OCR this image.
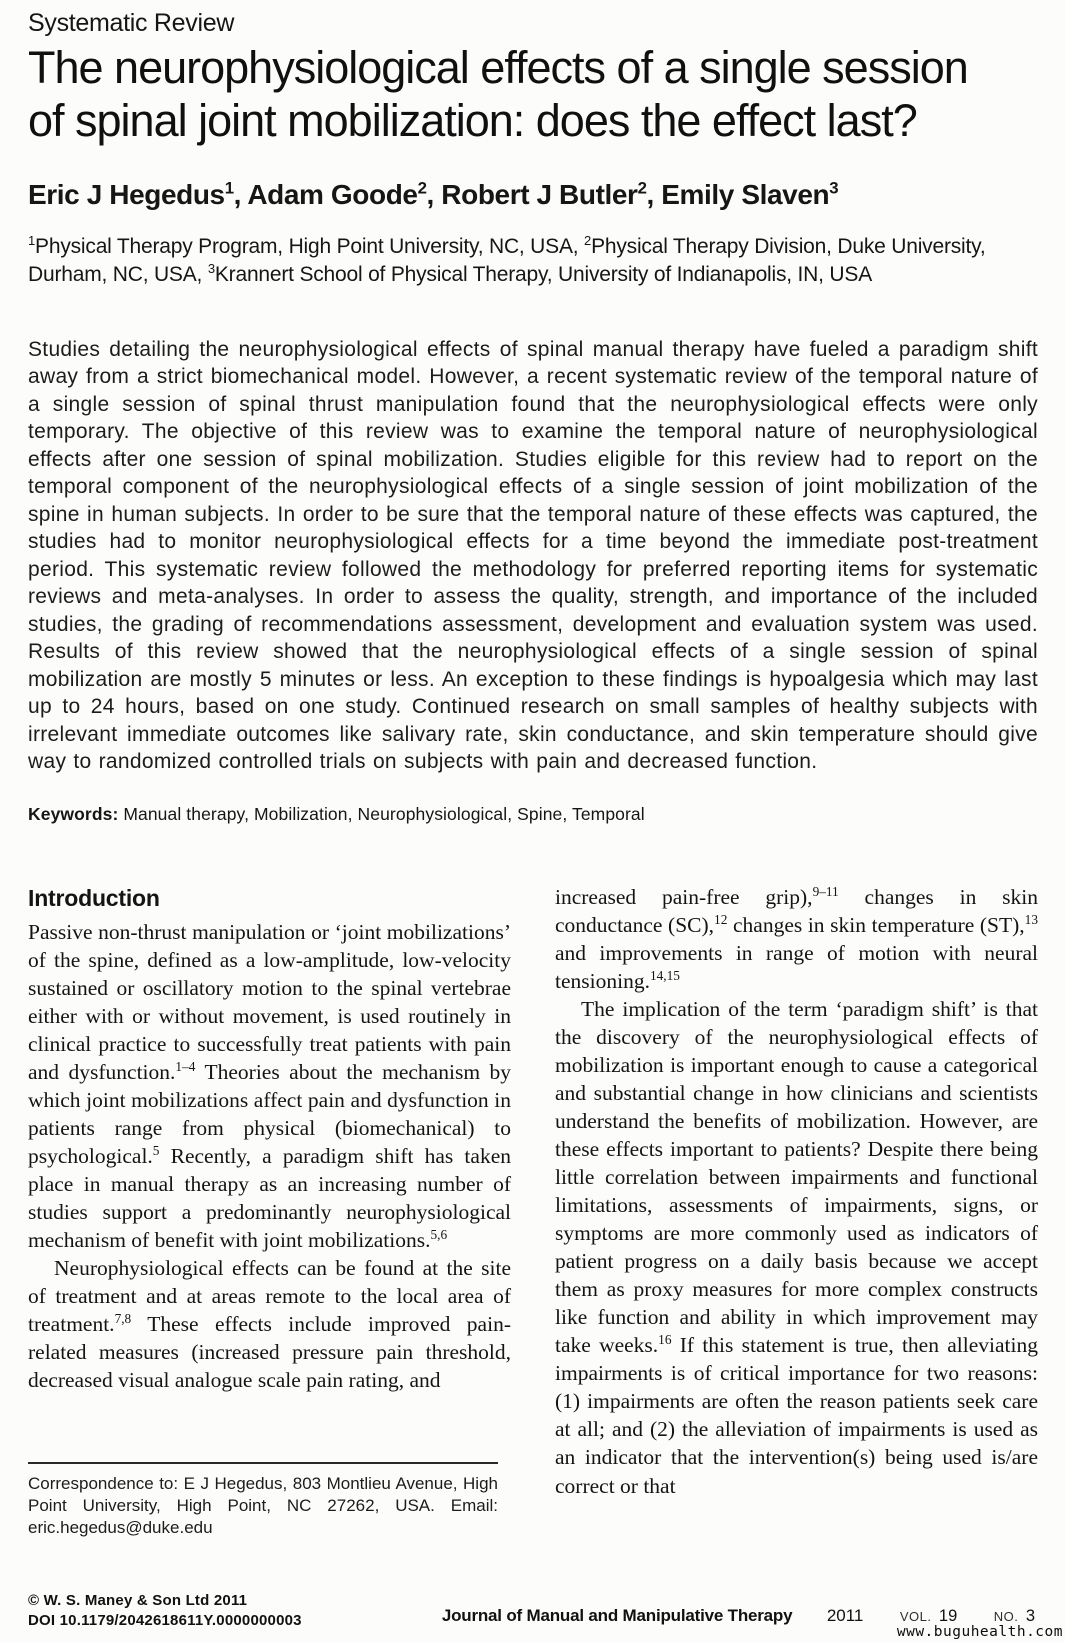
Systematic Review
The neurophysiological effects of a single session of spinal joint mobilization: does the effect last?
Eric J Hegedus$^1$, Adam Goode$^2$, Robert J Butler$^2$, Emily Slaven$^3$
$^1$Physical Therapy Program, High Point University, NC, USA, $^2$Physical Therapy Division, Duke University, Durham, NC, USA, $^3$Krannert School of Physical Therapy, University of Indianapolis, IN, USA
Studies detailing the neurophysiological effects of spinal manual therapy have fueled a paradigm shift away from a strict biomechanical model. However, a recent systematic review of the temporal nature of a single session of spinal thrust manipulation found that the neurophysiological effects were only temporary. The objective of this review was to examine the temporal nature of neurophysiological effects after one session of spinal mobilization. Studies eligible for this review had to report on the temporal component of the neurophysiological effects of a single session of joint mobilization of the spine in human subjects. In order to be sure that the temporal nature of these effects was captured, the studies had to monitor neurophysiological effects for a time beyond the immediate post-treatment period. This systematic review followed the methodology for preferred reporting items for systematic reviews and meta-analyses. In order to assess the quality, strength, and importance of the included studies, the grading of recommendations assessment, development and evaluation system was used. Results of this review showed that the neurophysiological effects of a single session of spinal mobilization are mostly 5 minutes or less. An exception to these findings is hypoalgesia which may last up to 24 hours, based on one study. Continued research on small samples of healthy subjects with irrelevant immediate outcomes like salivary rate, skin conductance, and skin temperature should give way to randomized controlled trials on subjects with pain and decreased function.
Keywords: Manual therapy, Mobilization, Neurophysiological, Spine, Temporal
Introduction

Passive non-thrust manipulation or ‘joint mobilizations’ of the spine, defined as a low-amplitude, low-velocity sustained or oscillatory motion to the spinal vertebrae either with or without movement, is used routinely in clinical practice to successfully treat patients with pain and dysfunction.$^{1-4}$ Theories about the mechanism by which joint mobilizations affect pain and dysfunction in patients range from physical (biomechanical) to psychological.$^5$ Recently, a paradigm shift has taken place in manual therapy as an increasing number of studies support a predominantly neurophysiological mechanism of benefit with joint mobilizations.$^{5,6}$

Neurophysiological effects can be found at the site of treatment and at areas remote to the local area of treatment.$^{7,8}$ These effects include improved pain-related measures (increased pressure pain threshold, decreased visual analogue scale pain rating, and

increased pain-free grip),$^{9-11}$ changes in skin conductance (SC),$^{12}$ changes in skin temperature (ST),$^{13}$ and improvements in range of motion with neural tensioning.$^{14,15}$

The implication of the term ‘paradigm shift’ is that the discovery of the neurophysiological effects of mobilization is important enough to cause a categorical and substantial change in how clinicians and scientists understand the benefits of mobilization. However, are these effects important to patients? Despite there being little correlation between impairments and functional limitations, assessments of impairments, signs, or symptoms are more commonly used as indicators of patient progress on a daily basis because we accept them as proxy measures for more complex constructs like function and ability in which improvement may take weeks.$^{16}$ If this statement is true, then alleviating impairments is of critical importance for two reasons: (1) impairments are often the reason patients seek care at all; and (2) the alleviation of impairments is used as an indicator that the intervention(s) being used is/are correct or that

Correspondence to: E J Hegedus, 803 Montlieu Avenue, High Point University, High Point, NC 27262, USA. Email: eric.hegedus@duke.edu
© W. S. Maney & Son Ltd 2011
DOI 10.1179/2042618611Y.0000000003	Journal of Manual and Manipulative Therapy 2011	VOL. 19	NO. 3
www.buguhealth.com
